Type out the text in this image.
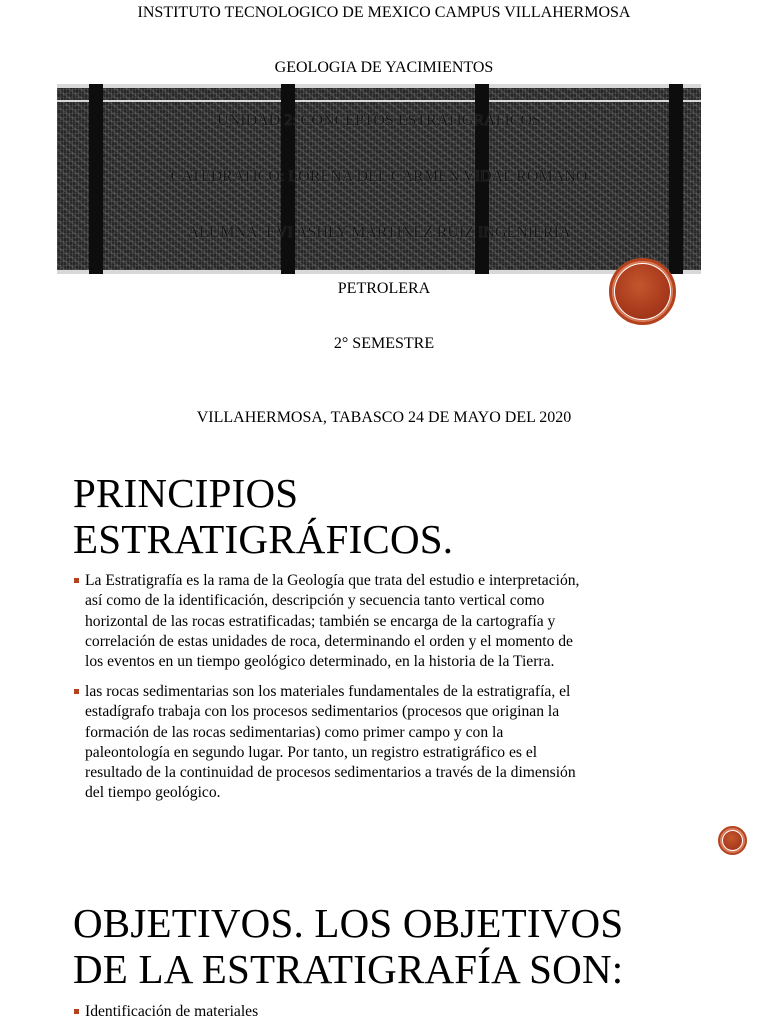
INSTITUTO TECNOLOGICO DE MEXICO CAMPUS VILLAHERMOSA
GEOLOGIA DE YACIMIENTOS
UNIDAD 2: CONCEPTOS ESTRATIGRÁFICOS
CATEDRATICO: LORENA DEL CARMEN VIDAL ROMANO
ALUMNA: EVI ASHLY MARTINEZ RUIZ INGENIERIA
PETROLERA
2° SEMESTRE
VILLAHERMOSA, TABASCO 24 DE MAYO DEL 2020
PRINCIPIOS
ESTRATIGRÁFICOS.

La Estratigrafía es la rama de la Geología que trata del estudio e interpretación,
así como de la identificación, descripción y secuencia tanto vertical como
horizontal de las rocas estratificadas; también se encarga de la cartografía y
correlación de estas unidades de roca, determinando el orden y el momento de
los eventos en un tiempo geológico determinado, en la historia de la Tierra.

las rocas sedimentarias son los materiales fundamentales de la estratigrafía, el
estadígrafo trabaja con los procesos sedimentarios (procesos que originan la
formación de las rocas sedimentarias) como primer campo y con la
paleontología en segundo lugar. Por tanto, un registro estratigráfico es el
resultado de la continuidad de procesos sedimentarios a través de la dimensión
del tiempo geológico.

OBJETIVOS. LOS OBJETIVOS
DE LA ESTRATIGRAFÍA SON:

Identificación de materiales
